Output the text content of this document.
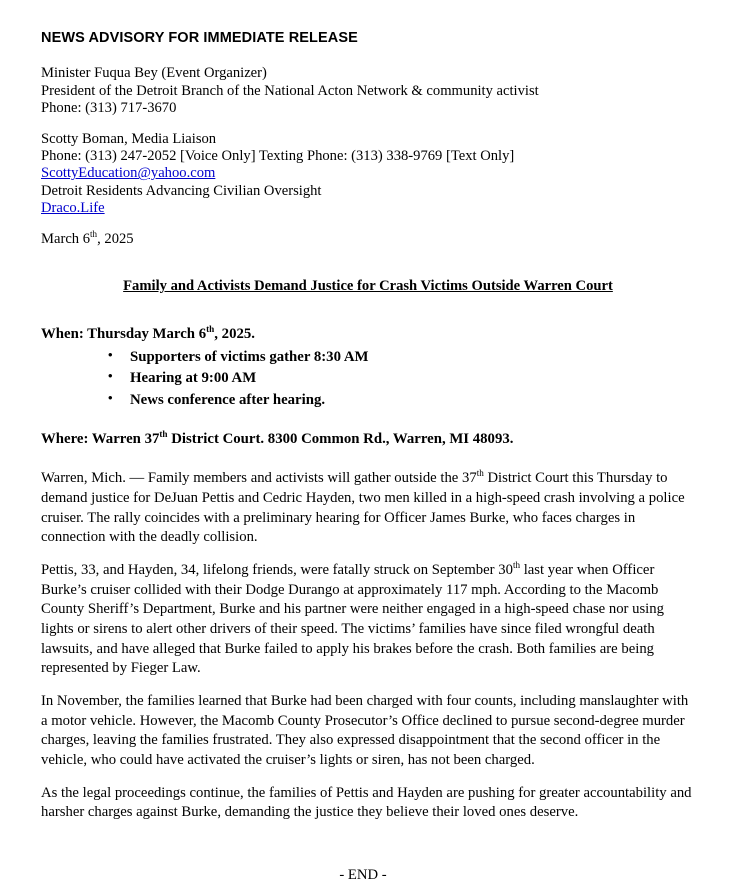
NEWS ADVISORY FOR IMMEDIATE RELEASE
Minister Fuqua Bey (Event Organizer)
President of the Detroit Branch of the National Acton Network & community activist
Phone: (313) 717-3670
Scotty Boman, Media Liaison
Phone: (313) 247-2052 [Voice Only] Texting Phone: (313) 338-9769 [Text Only]
ScottyEducation@yahoo.com
Detroit Residents Advancing Civilian Oversight
Draco.Life
March 6th, 2025
Family and Activists Demand Justice for Crash Victims Outside Warren Court
When: Thursday March 6th, 2025.
• Supporters of victims gather 8:30 AM
• Hearing at 9:00 AM
• News conference after hearing.
Where: Warren 37th District Court. 8300 Common Rd., Warren, MI 48093.

Warren, Mich. — Family members and activists will gather outside the 37th District Court this Thursday to demand justice for DeJuan Pettis and Cedric Hayden, two men killed in a high-speed crash involving a police cruiser. The rally coincides with a preliminary hearing for Officer James Burke, who faces charges in connection with the deadly collision.

Pettis, 33, and Hayden, 34, lifelong friends, were fatally struck on September 30th last year when Officer Burke’s cruiser collided with their Dodge Durango at approximately 117 mph. According to the Macomb County Sheriff’s Department, Burke and his partner were neither engaged in a high-speed chase nor using lights or sirens to alert other drivers of their speed. The victims’ families have since filed wrongful death lawsuits, and have alleged that Burke failed to apply his brakes before the crash. Both families are being represented by Fieger Law.

In November, the families learned that Burke had been charged with four counts, including manslaughter with a motor vehicle. However, the Macomb County Prosecutor’s Office declined to pursue second-degree murder charges, leaving the families frustrated. They also expressed disappointment that the second officer in the vehicle, who could have activated the cruiser’s lights or siren, has not been charged.

As the legal proceedings continue, the families of Pettis and Hayden are pushing for greater accountability and harsher charges against Burke, demanding the justice they believe their loved ones deserve.

- END -
